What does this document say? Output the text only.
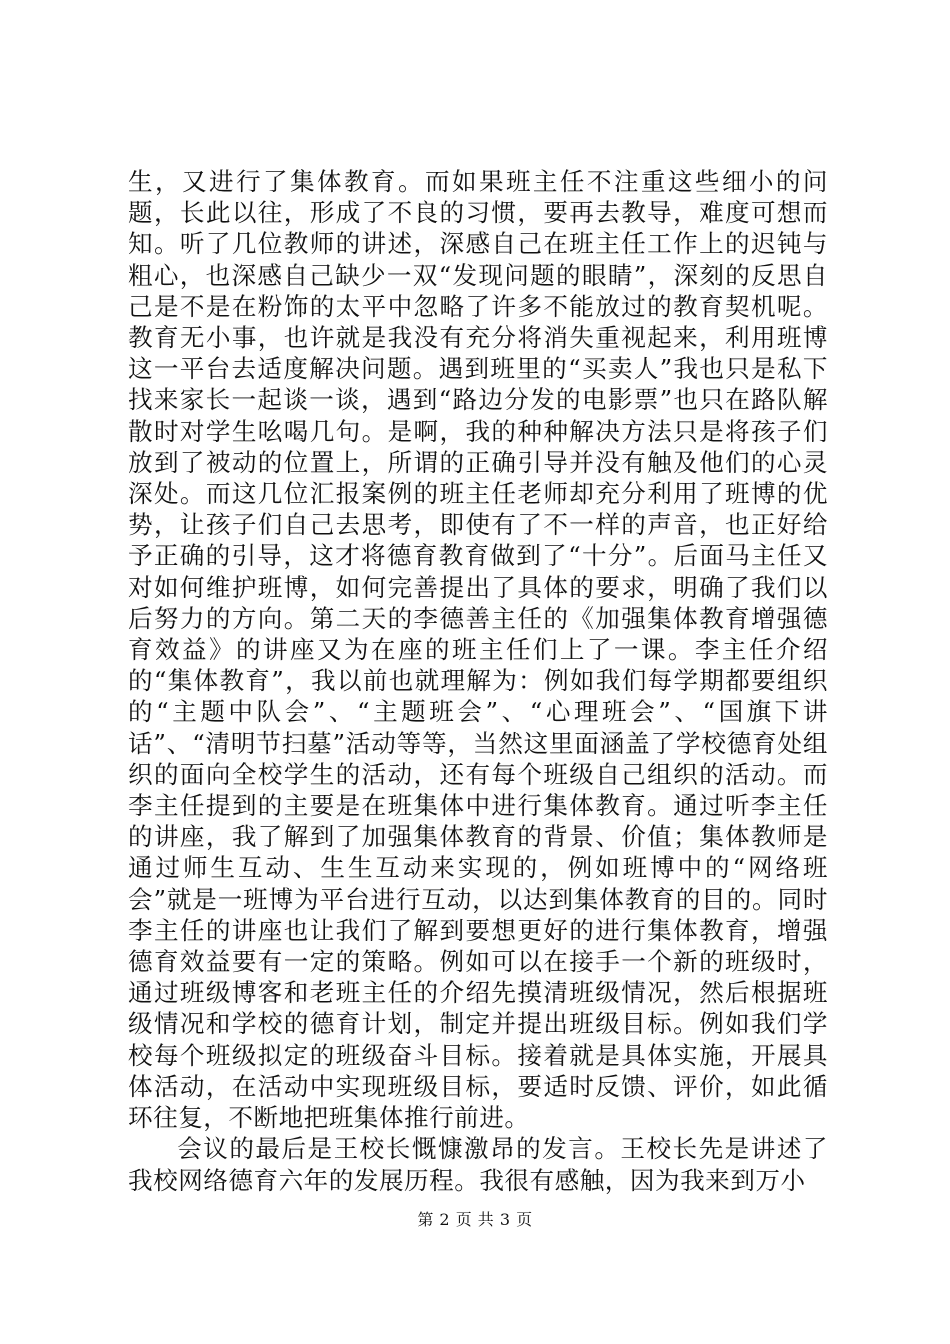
生，又进行了集体教育。而如果班主任不注重这些细小的问题，长此以往，形成了不良的习惯，要再去教导，难度可想而知。听了几位教师的讲述，深感自己在班主任工作上的迟钝与粗心，也深感自己缺少一双“发现问题的眼睛”，深刻的反思自己是不是在粉饰的太平中忽略了许多不能放过的教育契机呢。教育无小事，也许就是我没有充分将消失重视起来，利用班博这一平台去适度解决问题。遇到班里的“买卖人”我也只是私下找来家长一起谈一谈，遇到“路边分发的电影票”也只在路队解散时对学生吆喝几句。是啊，我的种种解决方法只是将孩子们放到了被动的位置上，所谓的正确引导并没有触及他们的心灵深处。而这几位汇报案例的班主任老师却充分利用了班博的优势，让孩子们自己去思考，即使有了不一样的声音，也正好给予正确的引导，这才将德育教育做到了“十分”。后面马主任又对如何维护班博，如何完善提出了具体的要求，明确了我们以后努力的方向。第二天的李德善主任的《加强集体教育增强德育效益》的讲座又为在座的班主任们上了一课。李主任介绍的“集体教育”，我以前也就理解为：例如我们每学期都要组织的“主题中队会”、“主题班会”、“心理班会”、“国旗下讲话”、“清明节扫墓”活动等等，当然这里面涵盖了学校德育处组织的面向全校学生的活动，还有每个班级自己组织的活动。而李主任提到的主要是在班集体中进行集体教育。通过听李主任的讲座，我了解到了加强集体教育的背景、价值；集体教师是通过师生互动、生生互动来实现的，例如班博中的“网络班会”就是一班博为平台进行互动，以达到集体教育的目的。同时李主任的讲座也让我们了解到要想更好的进行集体教育，增强德育效益要有一定的策略。例如可以在接手一个新的班级时，通过班级博客和老班主任的介绍先摸清班级情况，然后根据班级情况和学校的德育计划，制定并提出班级目标。例如我们学校每个班级拟定的班级奋斗目标。接着就是具体实施，开展具体活动，在活动中实现班级目标，要适时反馈、评价，如此循环往复，不断地把班集体推行前进。

会议的最后是王校长慨慷激昂的发言。王校长先是讲述了我校网络德育六年的发展历程。我很有感触，因为我来到万小

第 2 页 共 3 页
